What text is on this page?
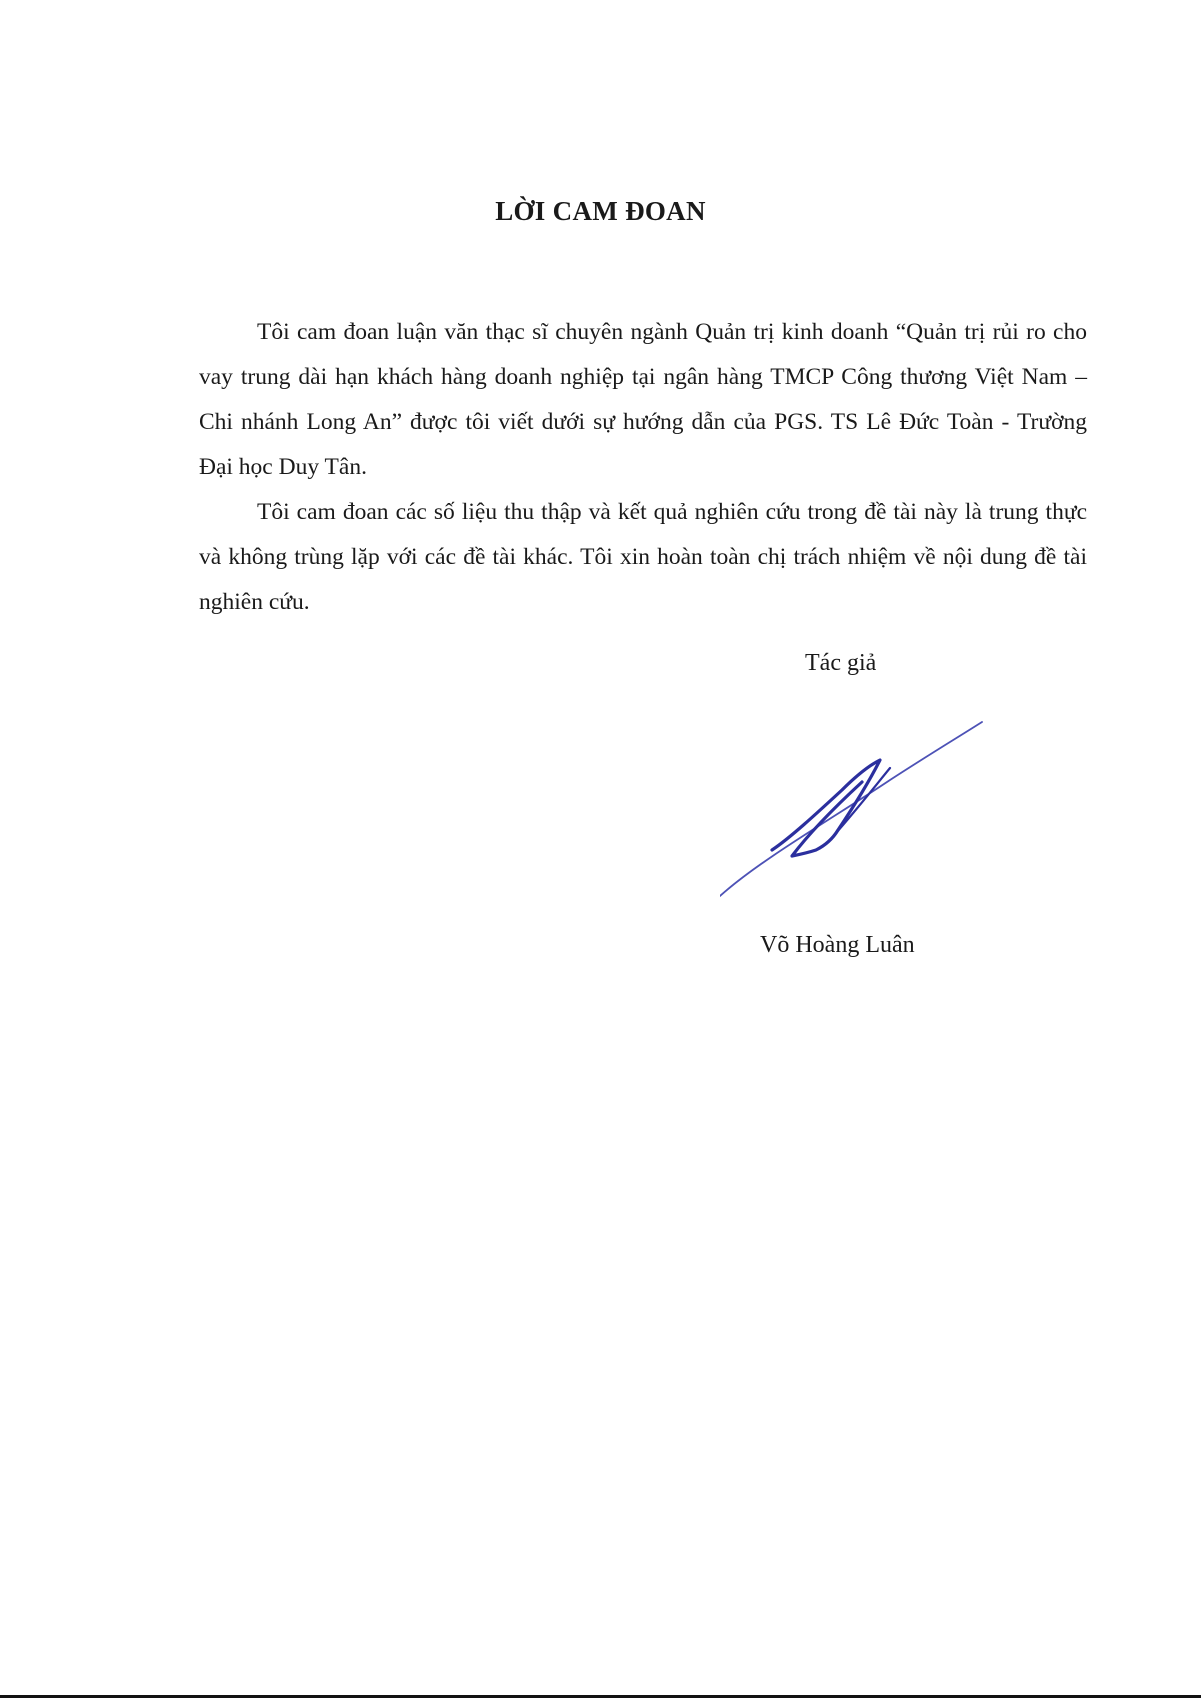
LỜI CAM ĐOAN

Tôi cam đoan luận văn thạc sĩ chuyên ngành Quản trị kinh doanh “Quản trị rủi ro cho vay trung dài hạn khách hàng doanh nghiệp tại ngân hàng TMCP Công thương Việt Nam – Chi nhánh Long An” được tôi viết dưới sự hướng dẫn của PGS. TS Lê Đức Toàn - Trường Đại học Duy Tân.

Tôi cam đoan các số liệu thu thập và kết quả nghiên cứu trong đề tài này là trung thực và không trùng lặp với các đề tài khác. Tôi xin hoàn toàn chị trách nhiệm về nội dung đề tài nghiên cứu.

Tác giả
Võ Hoàng Luân
